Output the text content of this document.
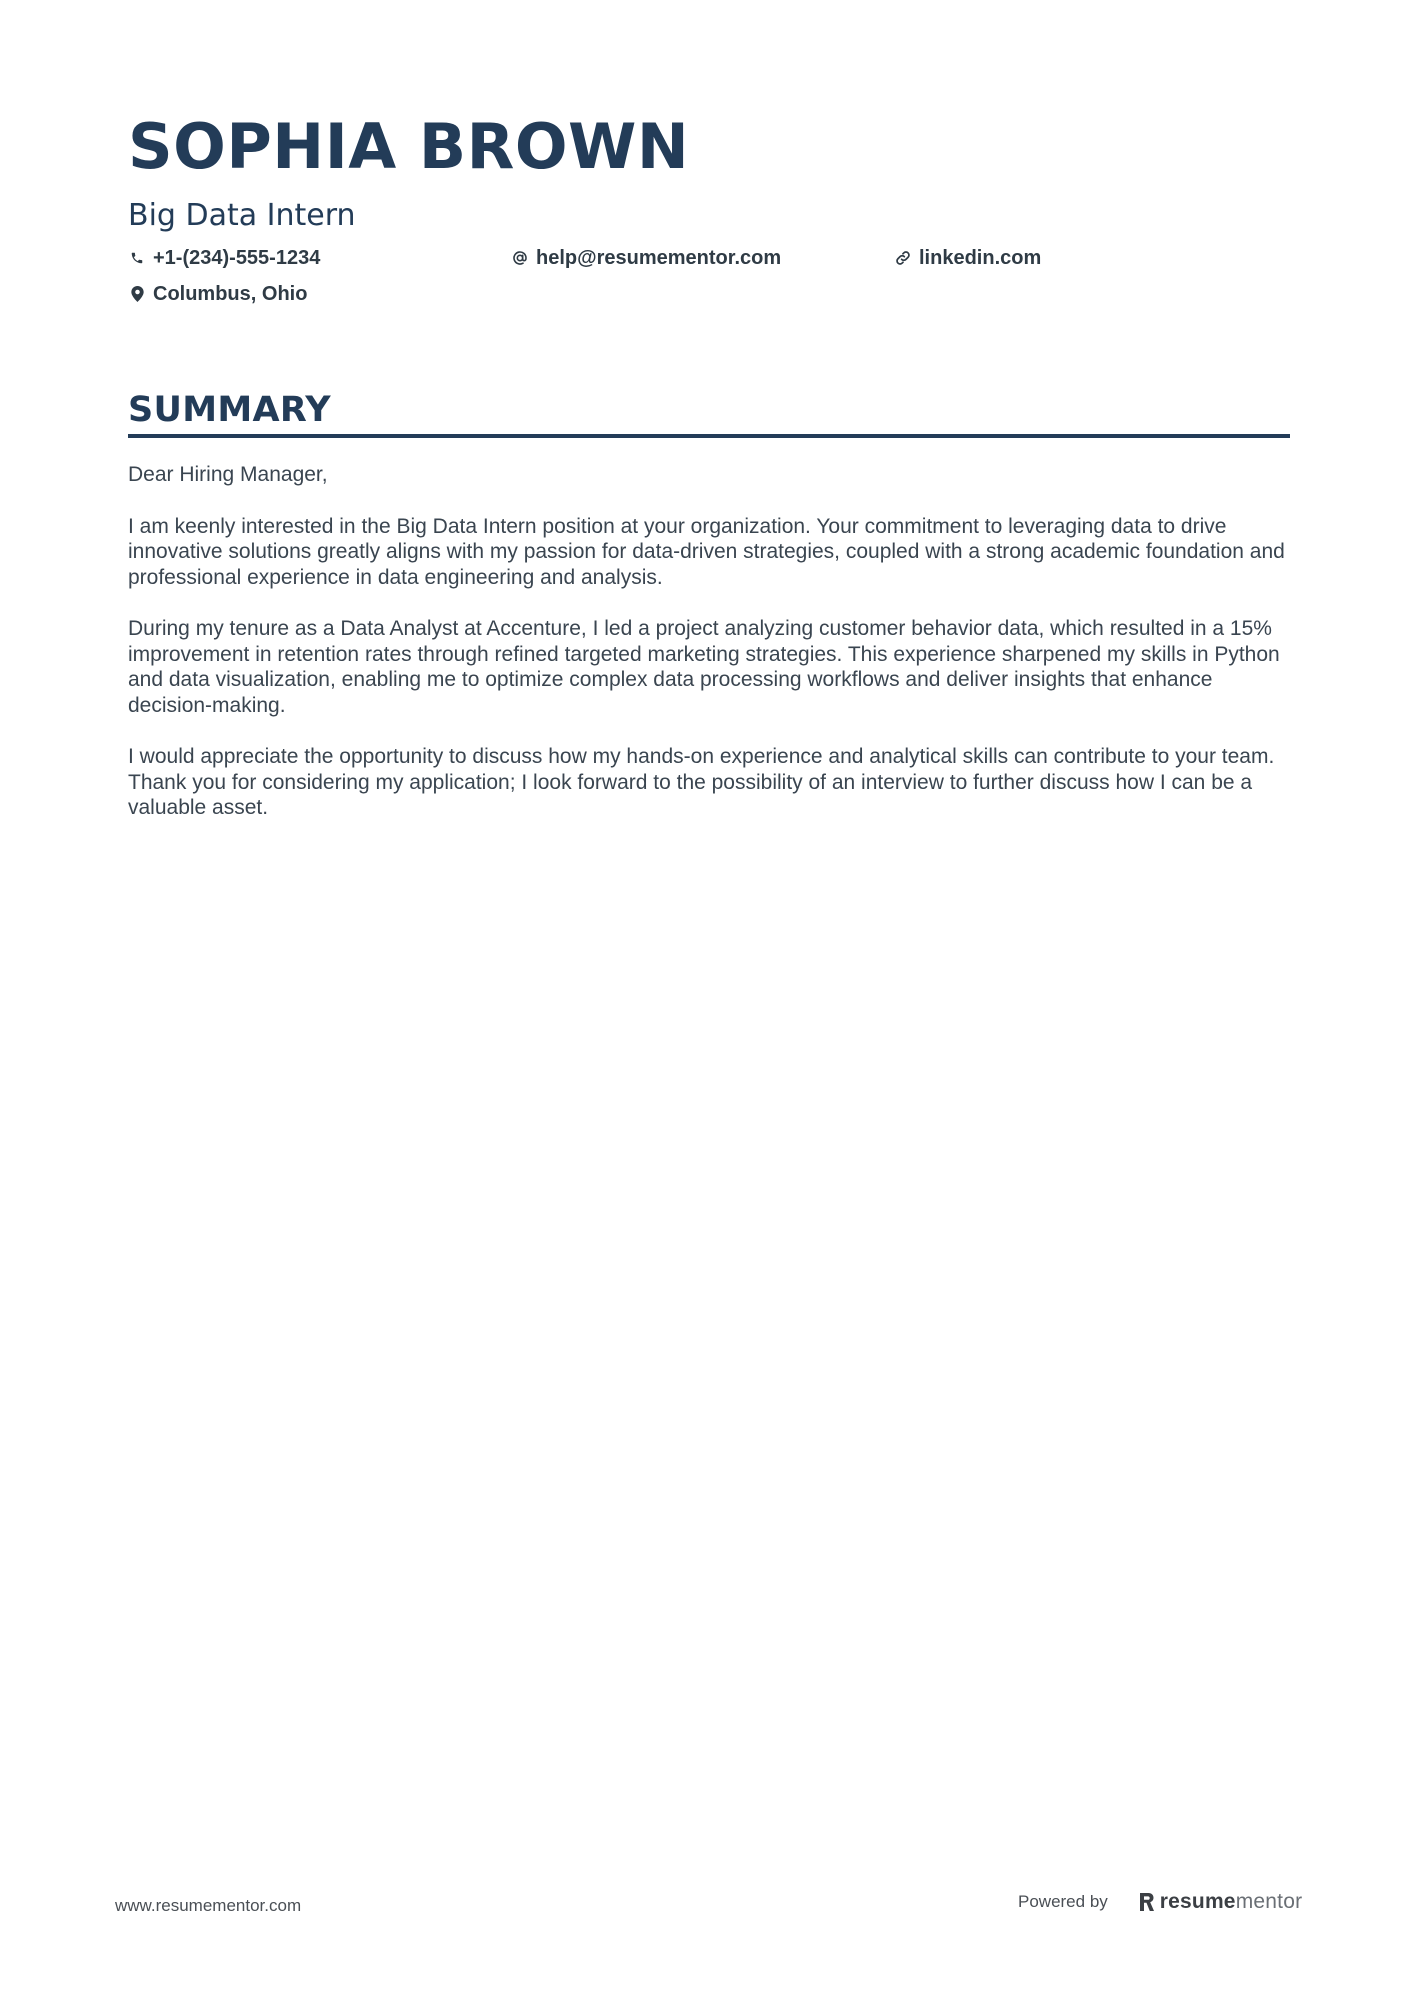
SOPHIA BROWN
Big Data Intern
+1-(234)-555-1234	help@resumementor.com	linkedin.com
Columbus, Ohio
SUMMARY

Dear Hiring Manager,

I am keenly interested in the Big Data Intern position at your organization. Your commitment to leveraging data to drive innovative solutions greatly aligns with my passion for data-driven strategies, coupled with a strong academic foundation and professional experience in data engineering and analysis.

During my tenure as a Data Analyst at Accenture, I led a project analyzing customer behavior data, which resulted in a 15% improvement in retention rates through refined targeted marketing strategies. This experience sharpened my skills in Python and data visualization, enabling me to optimize complex data processing workflows and deliver insights that enhance decision-making.

I would appreciate the opportunity to discuss how my hands-on experience and analytical skills can contribute to your team. Thank you for considering my application; I look forward to the possibility of an interview to further discuss how I can be a valuable asset.

www.resumementor.com	Powered by resume mentor
